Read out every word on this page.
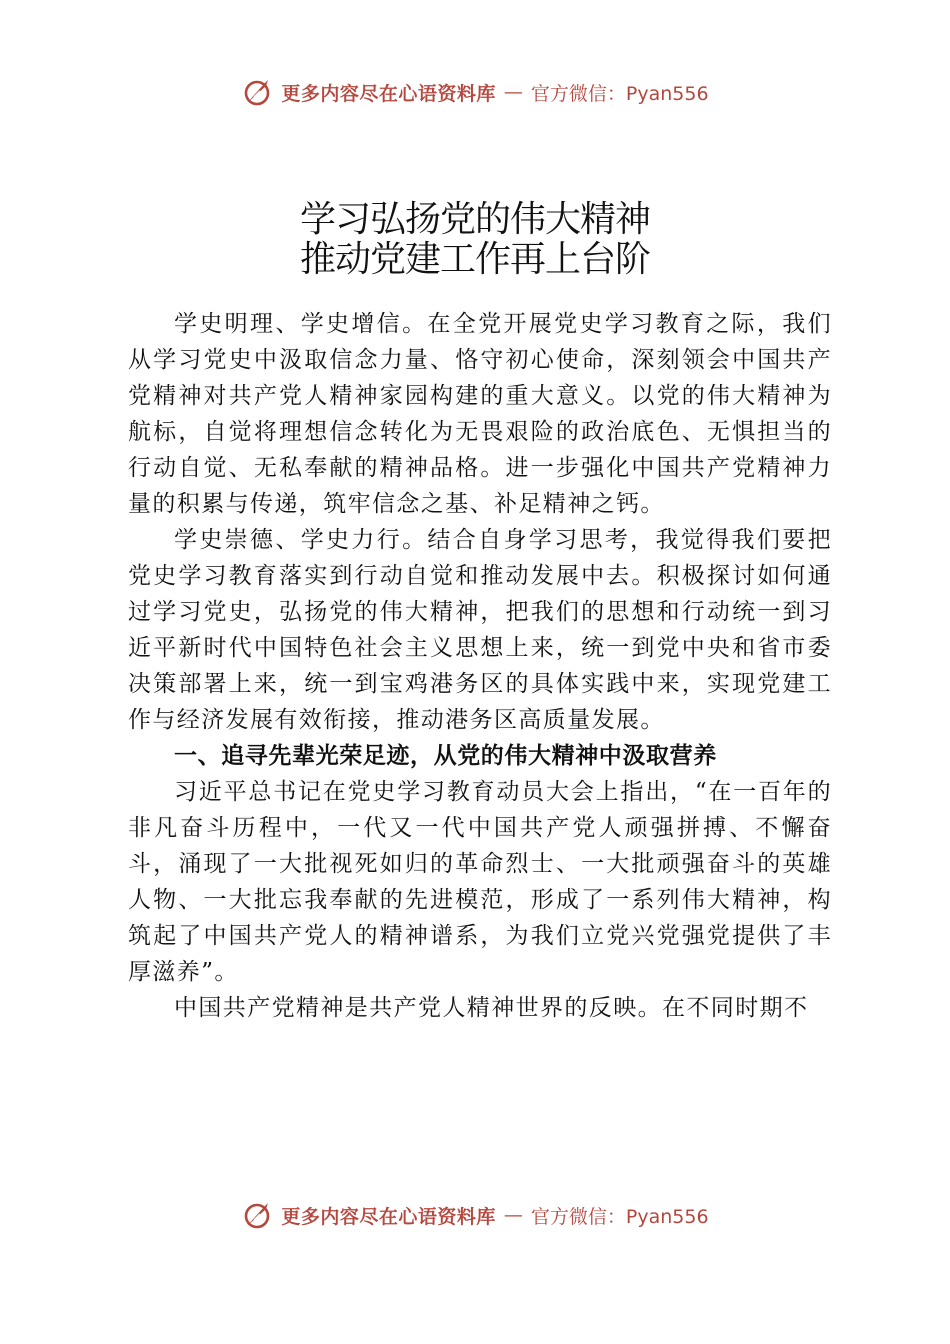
更多内容尽在心语资料库 — 官方微信：Pyan556
学习弘扬党的伟大精神
推动党建工作再上台阶

学史明理、学史增信。在全党开展党史学习教育之际，我们从学习党史中汲取信念力量、恪守初心使命，深刻领会中国共产党精神对共产党人精神家园构建的重大意义。以党的伟大精神为航标，自觉将理想信念转化为无畏艰险的政治底色、无惧担当的行动自觉、无私奉献的精神品格。进一步强化中国共产党精神力量的积累与传递，筑牢信念之基、补足精神之钙。

学史崇德、学史力行。结合自身学习思考，我觉得我们要把党史学习教育落实到行动自觉和推动发展中去。积极探讨如何通过学习党史，弘扬党的伟大精神，把我们的思想和行动统一到习近平新时代中国特色社会主义思想上来，统一到党中央和省市委决策部署上来，统一到宝鸡港务区的具体实践中来，实现党建工作与经济发展有效衔接，推动港务区高质量发展。

一、追寻先辈光荣足迹，从党的伟大精神中汲取营养

习近平总书记在党史学习教育动员大会上指出，“在一百年的非凡奋斗历程中，一代又一代中国共产党人顽强拼搏、不懈奋斗，涌现了一大批视死如归的革命烈士、一大批顽强奋斗的英雄人物、一大批忘我奉献的先进模范，形成了一系列伟大精神，构筑起了中国共产党人的精神谱系，为我们立党兴党强党提供了丰厚滋养”。

中国共产党精神是共产党人精神世界的反映。在不同时期不

更多内容尽在心语资料库 — 官方微信：Pyan556
